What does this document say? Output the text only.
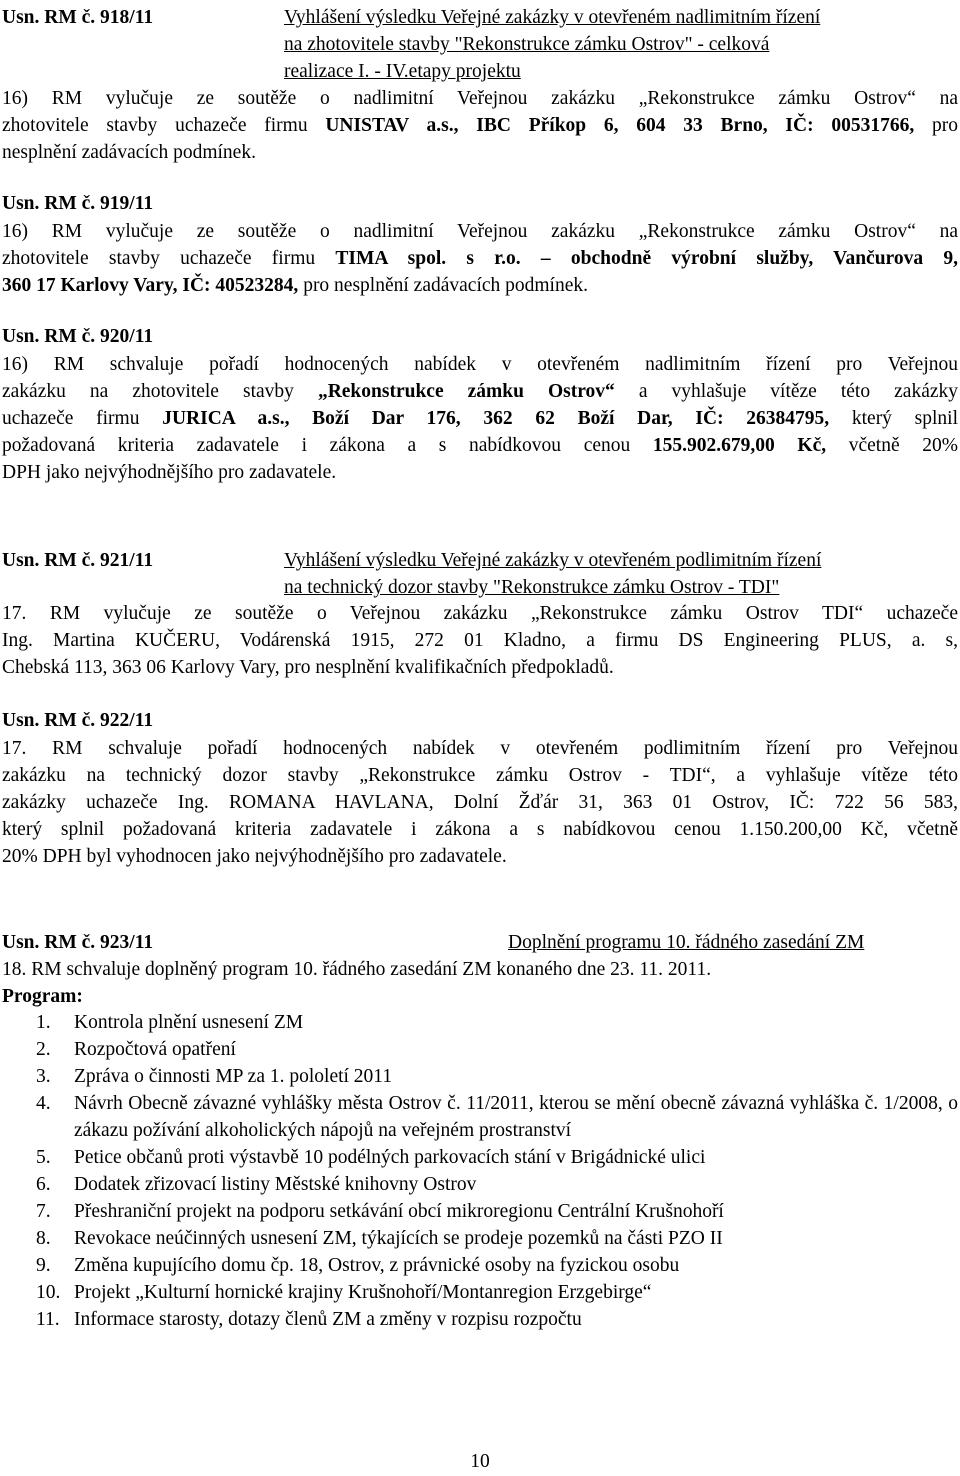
Usn. RM č. 918/11	Vyhlášení výsledku Veřejné zakázky v otevřeném nadlimitním řízení
na zhotovitele stavby "Rekonstrukce zámku Ostrov" - celková
realizace I. - IV.etapy projektu
16) RM vylučuje ze soutěže o nadlimitní Veřejnou zakázku „Rekonstrukce zámku Ostrov“ na
zhotovitele stavby uchazeče firmu UNISTAV a.s., IBC Příkop 6, 604 33 Brno, IČ: 00531766, pro
nesplnění zadávacích podmínek.
Usn. RM č. 919/11
16) RM vylučuje ze soutěže o nadlimitní Veřejnou zakázku „Rekonstrukce zámku Ostrov“ na
zhotovitele stavby uchazeče firmu TIMA spol. s r.o. – obchodně výrobní služby, Vančurova 9,
360 17 Karlovy Vary, IČ: 40523284, pro nesplnění zadávacích podmínek.
Usn. RM č. 920/11
16) RM schvaluje pořadí hodnocených nabídek v otevřeném nadlimitním řízení pro Veřejnou
zakázku na zhotovitele stavby „Rekonstrukce zámku Ostrov“ a vyhlašuje vítěze této zakázky
uchazeče firmu JURICA a.s., Boží Dar 176, 362 62 Boží Dar, IČ: 26384795, který splnil
požadovaná kriteria zadavatele i zákona a s nabídkovou cenou 155.902.679,00 Kč, včetně 20%
DPH jako nejvýhodnějšího pro zadavatele.
Usn. RM č. 921/11	Vyhlášení výsledku Veřejné zakázky v otevřeném podlimitním řízení
na technický dozor stavby "Rekonstrukce zámku Ostrov - TDI"
17. RM vylučuje ze soutěže o Veřejnou zakázku „Rekonstrukce zámku Ostrov TDI“ uchazeče
Ing. Martina KUČERU, Vodárenská 1915, 272 01 Kladno, a firmu DS Engineering PLUS, a. s,
Chebská 113, 363 06 Karlovy Vary, pro nesplnění kvalifikačních předpokladů.
Usn. RM č. 922/11
17. RM schvaluje pořadí hodnocených nabídek v otevřeném podlimitním řízení pro Veřejnou
zakázku na technický dozor stavby „Rekonstrukce zámku Ostrov - TDI“, a vyhlašuje vítěze této
zakázky uchazeče Ing. ROMANA HAVLANA, Dolní Žďár 31, 363 01 Ostrov, IČ: 722 56 583,
který splnil požadovaná kriteria zadavatele i zákona a s nabídkovou cenou 1.150.200,00 Kč, včetně
20% DPH byl vyhodnocen jako nejvýhodnějšího pro zadavatele.
Usn. RM č. 923/11	Doplnění programu 10. řádného zasedání ZM
18. RM schvaluje doplněný program 10. řádného zasedání ZM konaného dne 23. 11. 2011.
Program:
1.	Kontrola plnění usnesení ZM
2.	Rozpočtová opatření
3.	Zpráva o činnosti MP za 1. pololetí 2011
4.	Návrh Obecně závazné vyhlášky města Ostrov č. 11/2011, kterou se mění obecně závazná vyhláška č. 1/2008, o zákazu požívání alkoholických nápojů na veřejném prostranství
5.	Petice občanů proti výstavbě 10 podélných parkovacích stání v Brigádnické ulici
6.	Dodatek zřizovací listiny Městské knihovny Ostrov
7.	Přeshraniční projekt na podporu setkávání obcí mikroregionu Centrální Krušnohoří
8.	Revokace neúčinných usnesení ZM, týkajících se prodeje pozemků na části PZO II
9.	Změna kupujícího domu čp. 18, Ostrov, z právnické osoby na fyzickou osobu
10. Projekt „Kulturní hornické krajiny Krušnohoří/Montanregion Erzgebirge“
11. Informace starosty, dotazy členů ZM a změny v rozpisu rozpočtu
10
